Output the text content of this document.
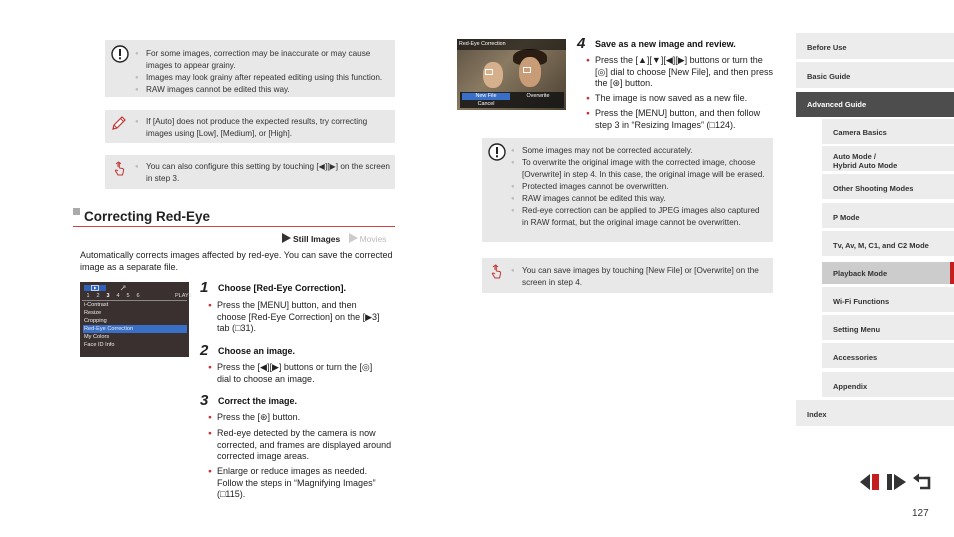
● For some images, correction may be inaccurate or may cause images to appear grainy.
● Images may look grainy after repeated editing using this function.
● RAW images cannot be edited this way.
● If [Auto] does not produce the expected results, try correcting images using [Low], [Medium], or [High].
● You can also configure this setting by touching [◀][▶] on the screen in step 3.
Correcting Red-Eye
Still Images Movies
Automatically corrects images affected by red-eye. You can save the corrected image as a separate file.
1 2 3 4 5 6	PLAY3
i-Contrast
Resize
Cropping
Red-Eye Correction
My Colors
Face ID Info
1 Choose [Red-Eye Correction].
● Press the [MENU] button, and then choose [Red-Eye Correction] on the [▶3] tab (□31).
2 Choose an image.
● Press the [◀][▶] buttons or turn the [◎] dial to choose an image.
3 Correct the image.
● Press the [⊛] button.
● Red-eye detected by the camera is now corrected, and frames are displayed around corrected image areas.
● Enlarge or reduce images as needed. Follow the steps in “Magnifying Images” (□115).
Red-Eye Correction
New File	Overwrite
Cancel
4 Save as a new image and review.
● Press the [▲][▼][◀][▶] buttons or turn the [◎] dial to choose [New File], and then press the [⊛] button.
● The image is now saved as a new file.
● Press the [MENU] button, and then follow step 3 in “Resizing Images” (□124).
● Some images may not be corrected accurately.
● To overwrite the original image with the corrected image, choose [Overwrite] in step 4. In this case, the original image will be erased.
● Protected images cannot be overwritten.
● RAW images cannot be edited this way.
● Red-eye correction can be applied to JPEG images also captured in RAW format, but the original image cannot be overwritten.
● You can save images by touching [New File] or [Overwrite] on the screen in step 4.
Before Use
Basic Guide
Advanced Guide
Camera Basics
Auto Mode /
Hybrid Auto Mode
Other Shooting Modes
P Mode
Tv, Av, M, C1, and C2 Mode
Playback Mode
Wi-Fi Functions
Setting Menu
Accessories
Appendix
Index
127
